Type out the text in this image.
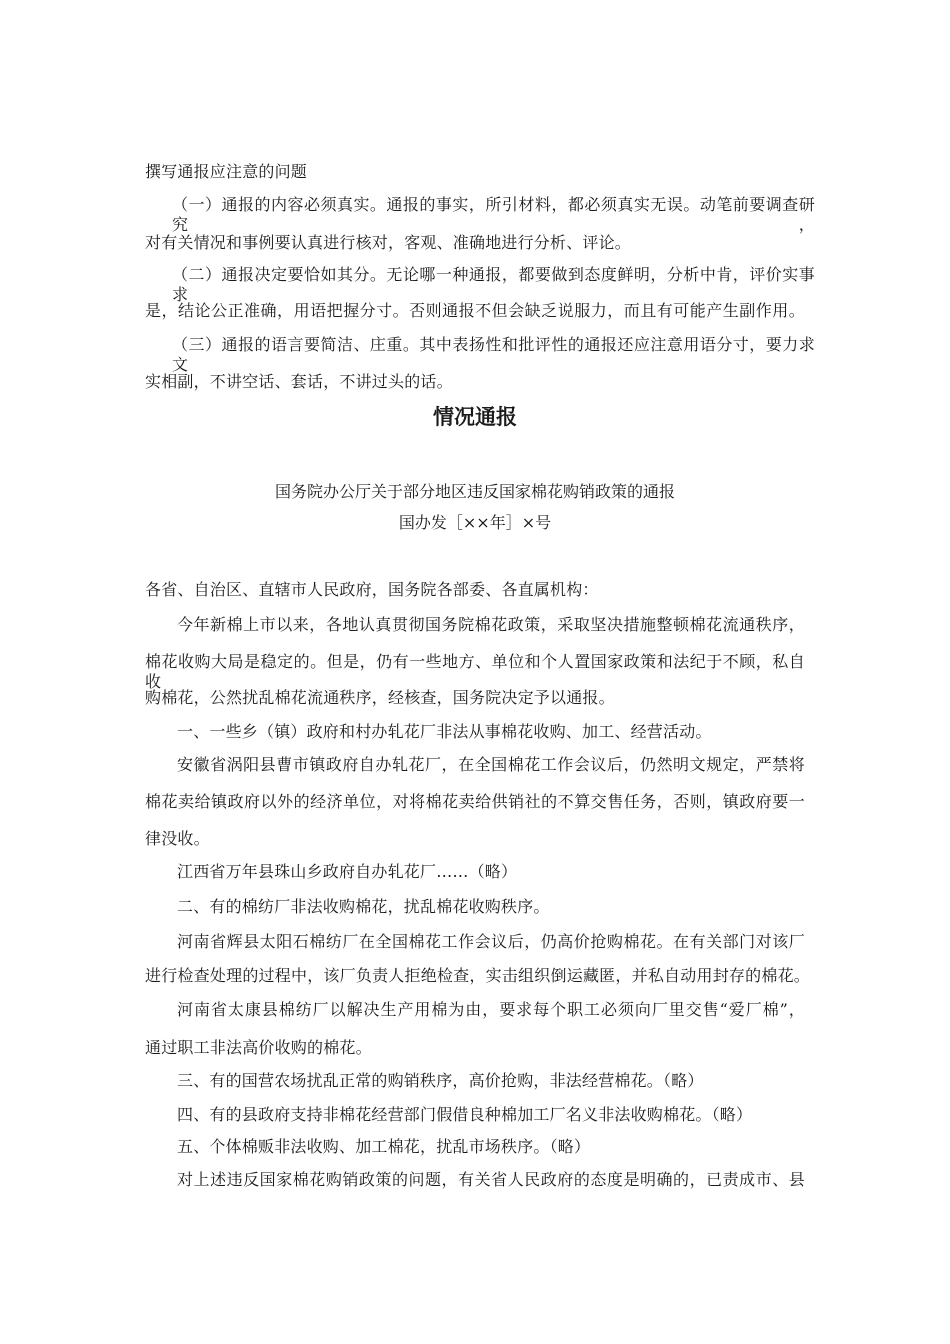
撰写通报应注意的问题
（一）通报的内容必须真实。通报的事实，所引材料，都必须真实无误。动笔前要调查研究，
对有关情况和事例要认真进行核对，客观、准确地进行分析、评论。
（二）通报决定要恰如其分。无论哪一种通报，都要做到态度鲜明，分析中肯，评价实事求
是，结论公正准确，用语把握分寸。否则通报不但会缺乏说服力，而且有可能产生副作用。
（三）通报的语言要简洁、庄重。其中表扬性和批评性的通报还应注意用语分寸，要力求文
实相副，不讲空话、套话，不讲过头的话。
情况通报
国务院办公厅关于部分地区违反国家棉花购销政策的通报
国办发［××年］×号
各省、自治区、直辖市人民政府，国务院各部委、各直属机构：
今年新棉上市以来，各地认真贯彻国务院棉花政策，采取坚决措施整顿棉花流通秩序，
棉花收购大局是稳定的。但是，仍有一些地方、单位和个人置国家政策和法纪于不顾，私自收
购棉花，公然扰乱棉花流通秩序，经核查，国务院决定予以通报。
一、一些乡（镇）政府和村办轧花厂非法从事棉花收购、加工、经营活动。
安徽省涡阳县曹市镇政府自办轧花厂，在全国棉花工作会议后，仍然明文规定，严禁将
棉花卖给镇政府以外的经济单位，对将棉花卖给供销社的不算交售任务，否则，镇政府要一
律没收。
江西省万年县珠山乡政府自办轧花厂……（略）
二、有的棉纺厂非法收购棉花，扰乱棉花收购秩序。
河南省辉县太阳石棉纺厂在全国棉花工作会议后，仍高价抢购棉花。在有关部门对该厂
进行检查处理的过程中，该厂负责人拒绝检查，实击组织倒运藏匿，并私自动用封存的棉花。
河南省太康县棉纺厂以解决生产用棉为由，要求每个职工必须向厂里交售“爱厂棉”，
通过职工非法高价收购的棉花。
三、有的国营农场扰乱正常的购销秩序，高价抢购，非法经营棉花。（略）
四、有的县政府支持非棉花经营部门假借良种棉加工厂名义非法收购棉花。（略）
五、个体棉贩非法收购、加工棉花，扰乱市场秩序。（略）
对上述违反国家棉花购销政策的问题，有关省人民政府的态度是明确的，已责成市、县
